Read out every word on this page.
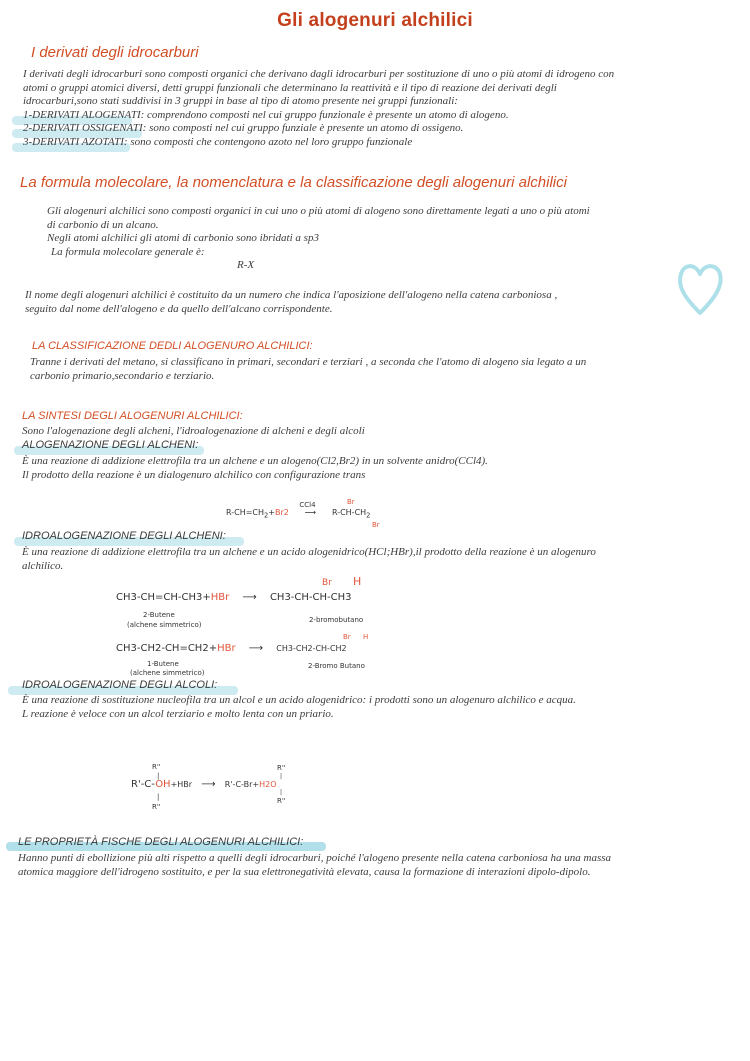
Gli alogenuri alchilici
I derivati degli idrocarburi
I derivati degli idrocarburi sono composti organici che derivano dagli idrocarburi per sostituzione di uno o più atomi di idrogeno con
atomi o gruppi atomici diversi, detti gruppi funzionali che determinano la reattività e il tipo di reazione dei derivati degli
idrocarburi,sono stati suddivisi in 3 gruppi in base al tipo di atomo presente nei gruppi funzionali:
1-DERIVATI ALOGENATI: comprendono composti nel cui gruppo funzionale è presente un atomo di alogeno.
2-DERIVATI OSSIGENATI: sono composti nel cui gruppo funziale è presente un atomo di ossigeno.
3-DERIVATI AZOTATI: sono composti che contengono azoto nel loro gruppo funzionale
La formula molecolare, la nomenclatura e la classificazione degli alogenuri alchilici
Gli alogenuri alchilici sono composti organici in cui uno o più atomi di alogeno sono direttamente legati a uno o più atomi
di carbonio di un alcano.
Negli atomi alchilici gli atomi di carbonio sono ibridati a sp3
La formula molecolare generale è:
R-X
Il nome degli alogenuri alchilici è costituito da un numero che indica l'aposizione dell'alogeno nella catena carboniosa ,
seguito dal nome dell'alogeno e da quello dell'alcano corrispondente.
LA CLASSIFICAZIONE DEDLI ALOGENURO ALCHILICI:
Tranne i derivati del metano, si classificano in primari, secondari e terziari , a seconda che l'atomo di alogeno sia legato a un
carbonio primario,secondario e terziario.
LA SINTESI DEGLI ALOGENURI ALCHILICI:
Sono l'alogenazione degli alcheni, l'idroalogenazione di alcheni e degli alcoli
ALOGENAZIONE DEGLI ALCHENI:
È una reazione di addizione elettrofila tra un alchene e un alogeno(Cl2,Br2) in un solvente anidro(CCl4).
Il prodotto della reazione è un dialogenuro alchilico con configurazione trans
$R-CH=CH_2+Br2$
CCl4
⟶ $R-CH-CH_2$
Br
Br
IDROALOGENAZIONE DEGLI ALCHENI:
È una reazione di addizione elettrofila tra un alchene e un acido alogenidrico(HCl;HBr),il prodotto della reazione è un alogenuro
alchilico.
Br H
CH3-CH=CH-CH3+HBr ⟶ CH3-CH-CH-CH3
2-Butene
(alchene simmetrico)
2-bromobutano
Br H
CH3-CH2-CH=CH2+HBr ⟶ CH3-CH2-CH-CH2
1-Butene
(alchene simmetrico)
2-Bromo Butano
IDROALOGENAZIONE DEGLI ALCOLI:
È una reazione di sostituzione nucleofila tra un alcol e un acido alogenidrico: i prodotti sono un alogenuro alchilico e acqua.
L reazione è veloce con un alcol terziario e molto lenta con un priario.
R''
|
R'-C-OH+HBr ⟶ R'-C-Br+H2O
|
R''
R''
|
|
R''
LE PROPRIETÀ FISCHE DEGLI ALOGENURI ALCHILICI:
Hanno punti di ebollizione più alti rispetto a quelli degli idrocarburi, poiché l'alogeno presente nella catena carboniosa ha una massa
atomica maggiore dell'idrogeno sostituito, e per la sua elettronegatività elevata, causa la formazione di interazioni dipolo-dipolo.
